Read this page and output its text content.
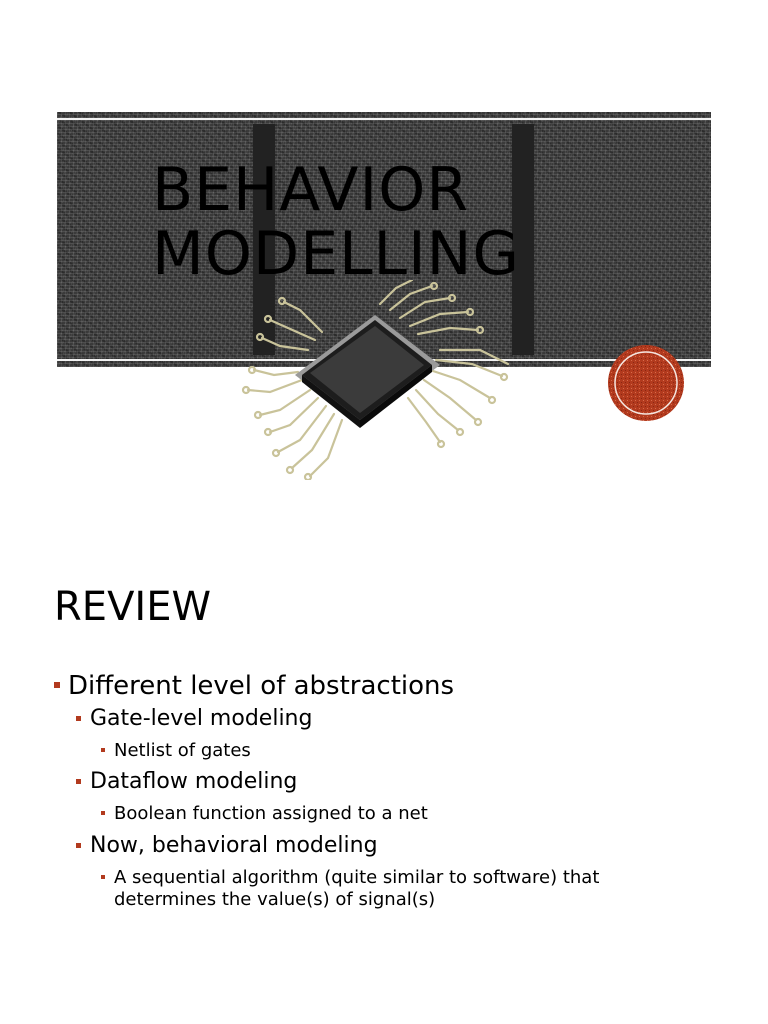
BEHAVIOR
MODELLING
REVIEW
Different level of abstractions
Gate-level modeling
Netlist of gates
Dataflow modeling
Boolean function assigned to a net
Now, behavioral modeling
A sequential algorithm (quite similar to software) that determines the value(s) of signal(s)
